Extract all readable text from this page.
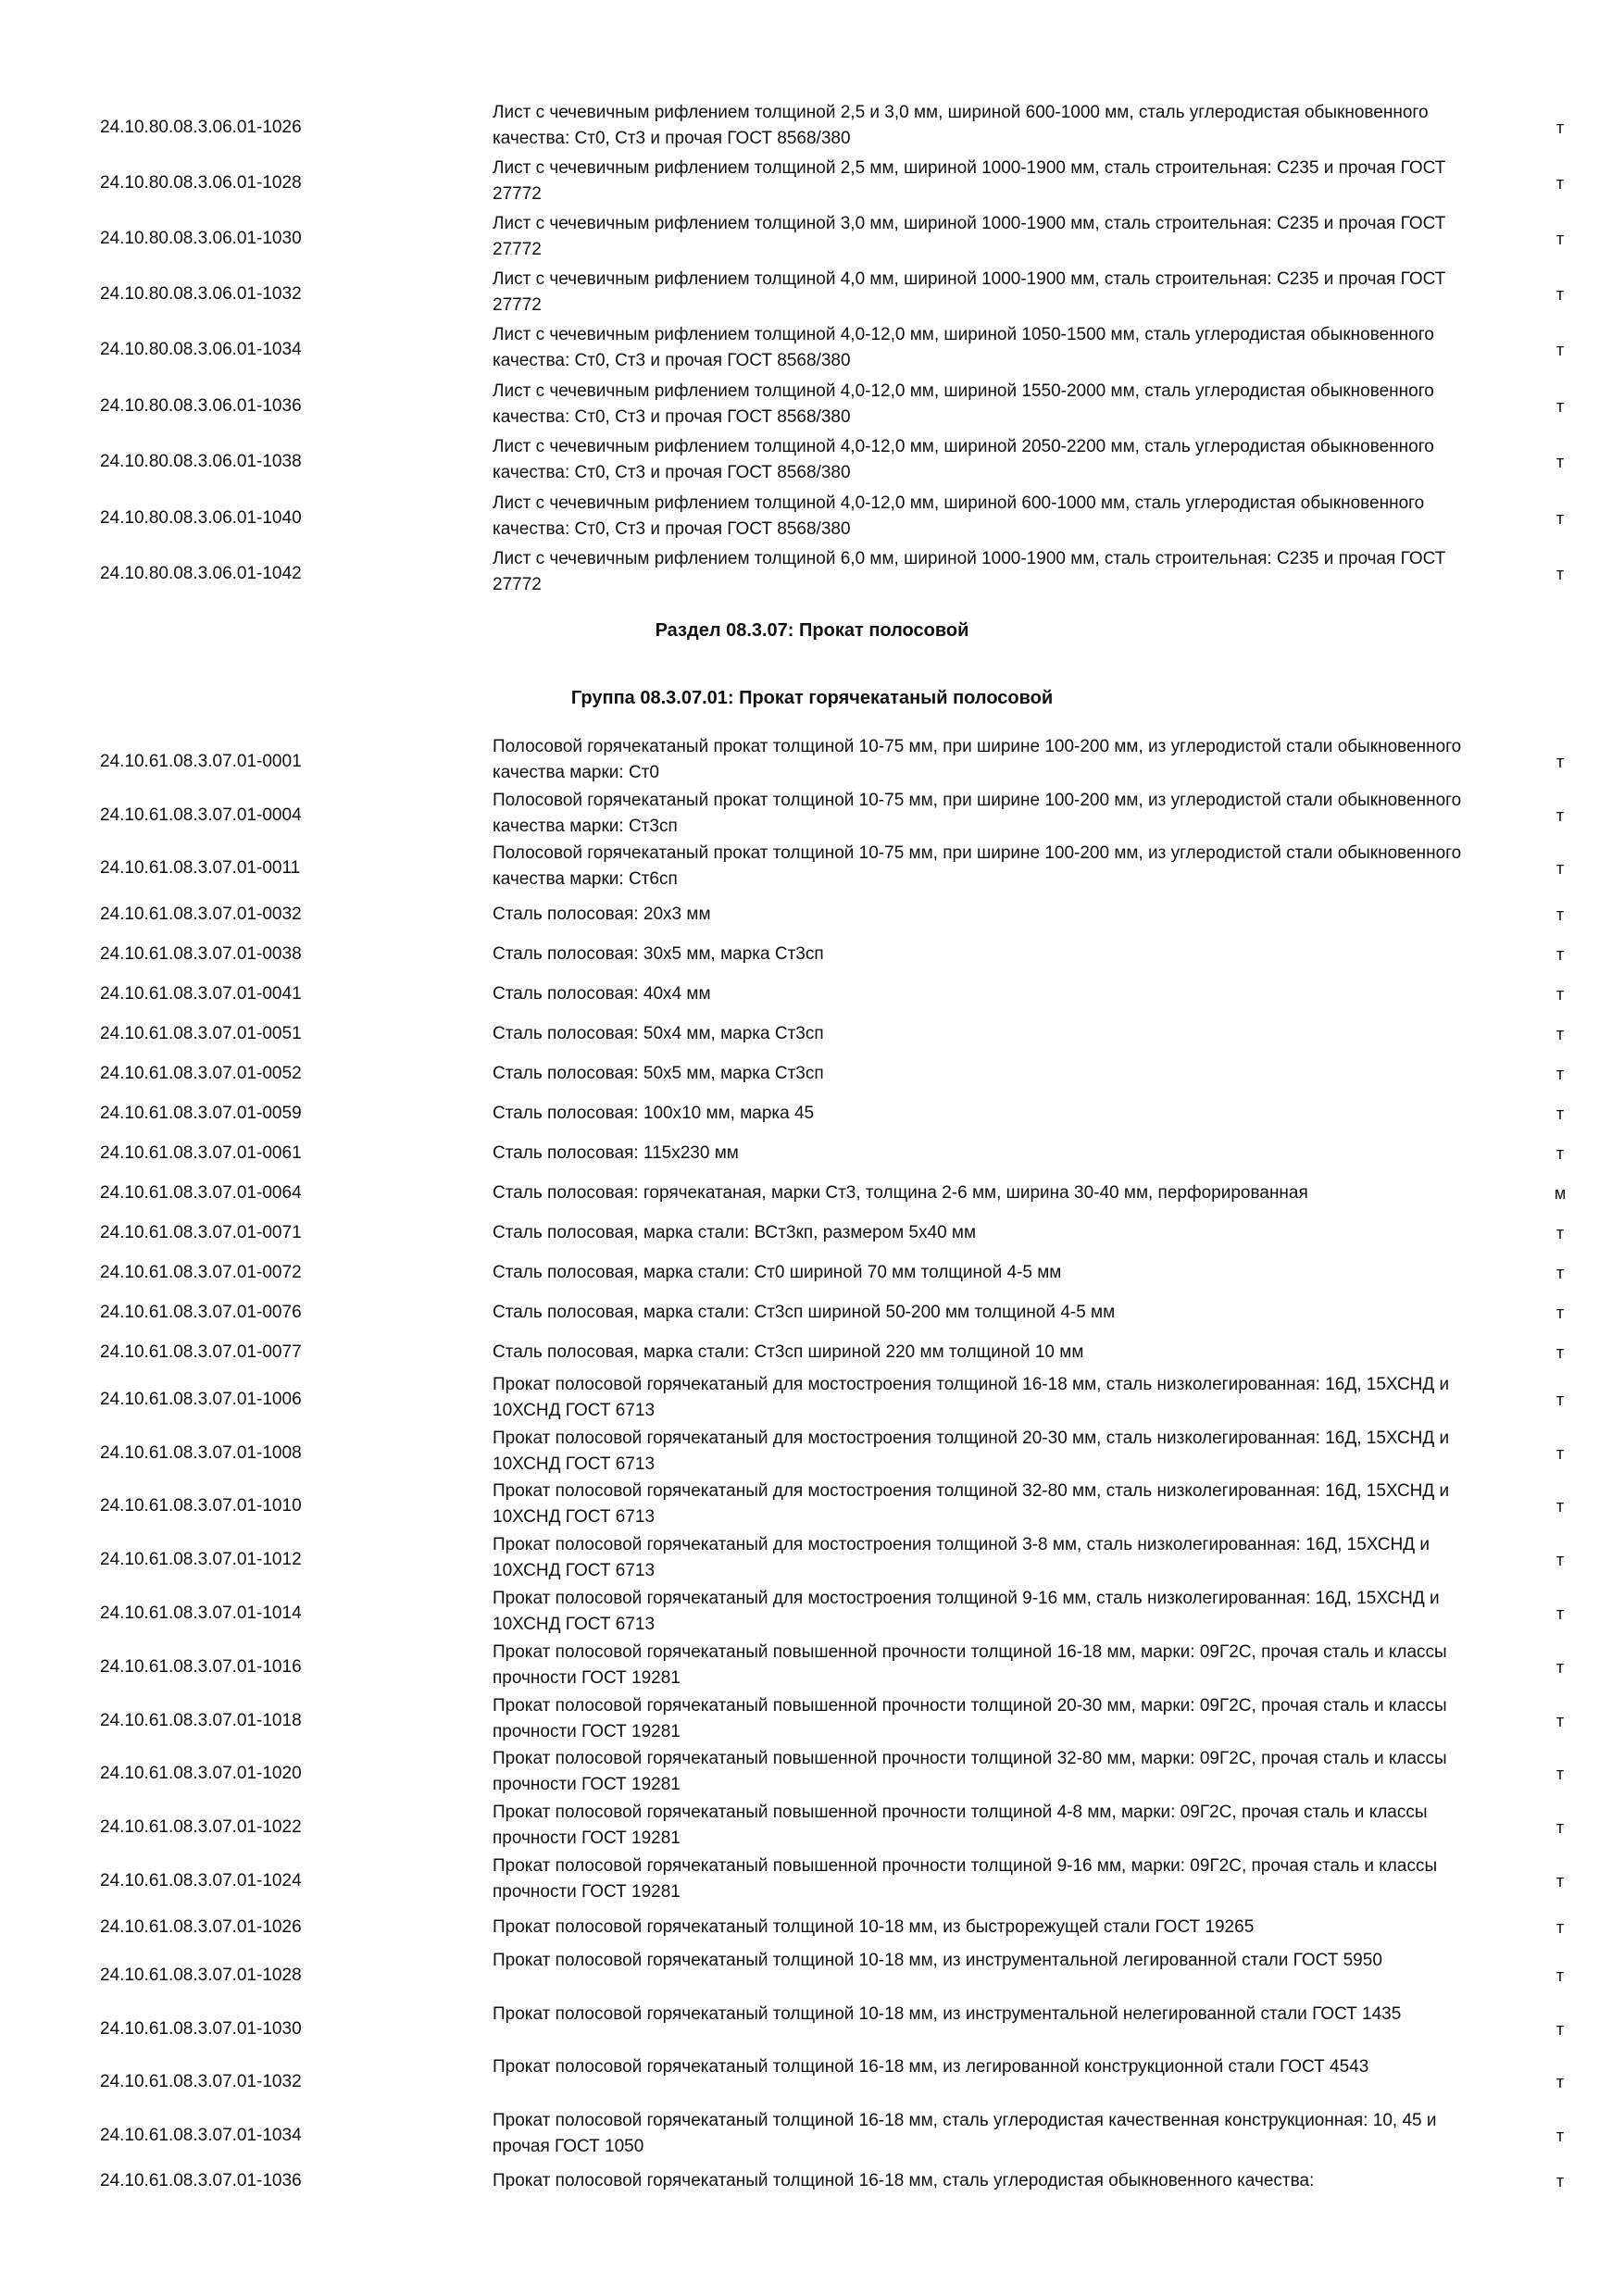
24.10.80.08.3.06.01-1026
Лист с чечевичным рифлением толщиной 2,5 и 3,0 мм, шириной 600-1000 мм, сталь углеродистая обыкновенного качества: Ст0, Ст3 и прочая ГОСТ 8568/380
т
24.10.80.08.3.06.01-1028
Лист с чечевичным рифлением толщиной 2,5 мм, шириной 1000-1900 мм, сталь строительная: С235 и прочая ГОСТ 27772
т
24.10.80.08.3.06.01-1030
Лист с чечевичным рифлением толщиной 3,0 мм, шириной 1000-1900 мм, сталь строительная: С235 и прочая ГОСТ 27772
т
24.10.80.08.3.06.01-1032
Лист с чечевичным рифлением толщиной 4,0 мм, шириной 1000-1900 мм, сталь строительная: С235 и прочая ГОСТ 27772
т
24.10.80.08.3.06.01-1034
Лист с чечевичным рифлением толщиной 4,0-12,0 мм, шириной 1050-1500 мм, сталь углеродистая обыкновенного качества: Ст0, Ст3 и прочая ГОСТ 8568/380
т
24.10.80.08.3.06.01-1036
Лист с чечевичным рифлением толщиной 4,0-12,0 мм, шириной 1550-2000 мм, сталь углеродистая обыкновенного качества: Ст0, Ст3 и прочая ГОСТ 8568/380
т
24.10.80.08.3.06.01-1038
Лист с чечевичным рифлением толщиной 4,0-12,0 мм, шириной 2050-2200 мм, сталь углеродистая обыкновенного качества: Ст0, Ст3 и прочая ГОСТ 8568/380
т
24.10.80.08.3.06.01-1040
Лист с чечевичным рифлением толщиной 4,0-12,0 мм, шириной 600-1000 мм, сталь углеродистая обыкновенного качества: Ст0, Ст3 и прочая ГОСТ 8568/380
т
24.10.80.08.3.06.01-1042
Лист с чечевичным рифлением толщиной 6,0 мм, шириной 1000-1900 мм, сталь строительная: С235 и прочая ГОСТ 27772
т
Раздел 08.3.07: Прокат полосовой
Группа 08.3.07.01: Прокат горячекатаный полосовой
24.10.61.08.3.07.01-0001
Полосовой горячекатаный прокат толщиной 10-75 мм, при ширине 100-200 мм, из углеродистой стали обыкновенного качества марки: Ст0
т
24.10.61.08.3.07.01-0004
Полосовой горячекатаный прокат толщиной 10-75 мм, при ширине 100-200 мм, из углеродистой стали обыкновенного качества марки: Ст3сп
т
24.10.61.08.3.07.01-0011
Полосовой горячекатаный прокат толщиной 10-75 мм, при ширине 100-200 мм, из углеродистой стали обыкновенного качества марки: Ст6сп
т
24.10.61.08.3.07.01-0032	Сталь полосовая: 20х3 мм	т
24.10.61.08.3.07.01-0038	Сталь полосовая: 30х5 мм, марка Ст3сп	т
24.10.61.08.3.07.01-0041	Сталь полосовая: 40х4 мм	т
24.10.61.08.3.07.01-0051	Сталь полосовая: 50х4 мм, марка Ст3сп	т
24.10.61.08.3.07.01-0052	Сталь полосовая: 50х5 мм, марка Ст3сп	т
24.10.61.08.3.07.01-0059	Сталь полосовая: 100х10 мм, марка 45	т
24.10.61.08.3.07.01-0061	Сталь полосовая: 115х230 мм	т
24.10.61.08.3.07.01-0064	Сталь полосовая: горячекатаная, марки Ст3, толщина 2-6 мм, ширина 30-40 мм, перфорированная	м
24.10.61.08.3.07.01-0071	Сталь полосовая, марка стали: ВСт3кп, размером 5х40 мм	т
24.10.61.08.3.07.01-0072	Сталь полосовая, марка стали: Ст0 шириной 70 мм толщиной 4-5 мм	т
24.10.61.08.3.07.01-0076	Сталь полосовая, марка стали: Ст3сп шириной 50-200 мм толщиной 4-5 мм	т
24.10.61.08.3.07.01-0077	Сталь полосовая, марка стали: Ст3сп шириной 220 мм толщиной 10 мм	т
24.10.61.08.3.07.01-1006
Прокат полосовой горячекатаный для мостостроения толщиной 16-18 мм, сталь низколегированная: 16Д, 15ХСНД и 10ХСНД ГОСТ 6713
т
24.10.61.08.3.07.01-1008
Прокат полосовой горячекатаный для мостостроения толщиной 20-30 мм, сталь низколегированная: 16Д, 15ХСНД и 10ХСНД ГОСТ 6713
т
24.10.61.08.3.07.01-1010
Прокат полосовой горячекатаный для мостостроения толщиной 32-80 мм, сталь низколегированная: 16Д, 15ХСНД и 10ХСНД ГОСТ 6713
т
24.10.61.08.3.07.01-1012
Прокат полосовой горячекатаный для мостостроения толщиной 3-8 мм, сталь низколегированная: 16Д, 15ХСНД и 10ХСНД ГОСТ 6713
т
24.10.61.08.3.07.01-1014
Прокат полосовой горячекатаный для мостостроения толщиной 9-16 мм, сталь низколегированная: 16Д, 15ХСНД и 10ХСНД ГОСТ 6713
т
24.10.61.08.3.07.01-1016
Прокат полосовой горячекатаный повышенной прочности толщиной 16-18 мм, марки: 09Г2С, прочая сталь и классы прочности ГОСТ 19281
т
24.10.61.08.3.07.01-1018
Прокат полосовой горячекатаный повышенной прочности толщиной 20-30 мм, марки: 09Г2С, прочая сталь и классы прочности ГОСТ 19281
т
24.10.61.08.3.07.01-1020
Прокат полосовой горячекатаный повышенной прочности толщиной 32-80 мм, марки: 09Г2С, прочая сталь и классы прочности ГОСТ 19281
т
24.10.61.08.3.07.01-1022
Прокат полосовой горячекатаный повышенной прочности толщиной 4-8 мм, марки: 09Г2С, прочая сталь и классы прочности ГОСТ 19281
т
24.10.61.08.3.07.01-1024
Прокат полосовой горячекатаный повышенной прочности толщиной 9-16 мм, марки: 09Г2С, прочая сталь и классы прочности ГОСТ 19281
т
24.10.61.08.3.07.01-1026	Прокат полосовой горячекатаный толщиной 10-18 мм, из быстрорежущей стали ГОСТ 19265	т
24.10.61.08.3.07.01-1028
Прокат полосовой горячекатаный толщиной 10-18 мм, из инструментальной легированной стали ГОСТ 5950
т
24.10.61.08.3.07.01-1030
Прокат полосовой горячекатаный толщиной 10-18 мм, из инструментальной нелегированной стали ГОСТ 1435
т
24.10.61.08.3.07.01-1032
Прокат полосовой горячекатаный толщиной 16-18 мм, из легированной конструкционной стали ГОСТ 4543
т
24.10.61.08.3.07.01-1034
Прокат полосовой горячекатаный толщиной 16-18 мм, сталь углеродистая качественная конструкционная: 10, 45 и прочая ГОСТ 1050
т
24.10.61.08.3.07.01-1036	Прокат полосовой горячекатаный толщиной 16-18 мм, сталь углеродистая обыкновенного качества:	т
